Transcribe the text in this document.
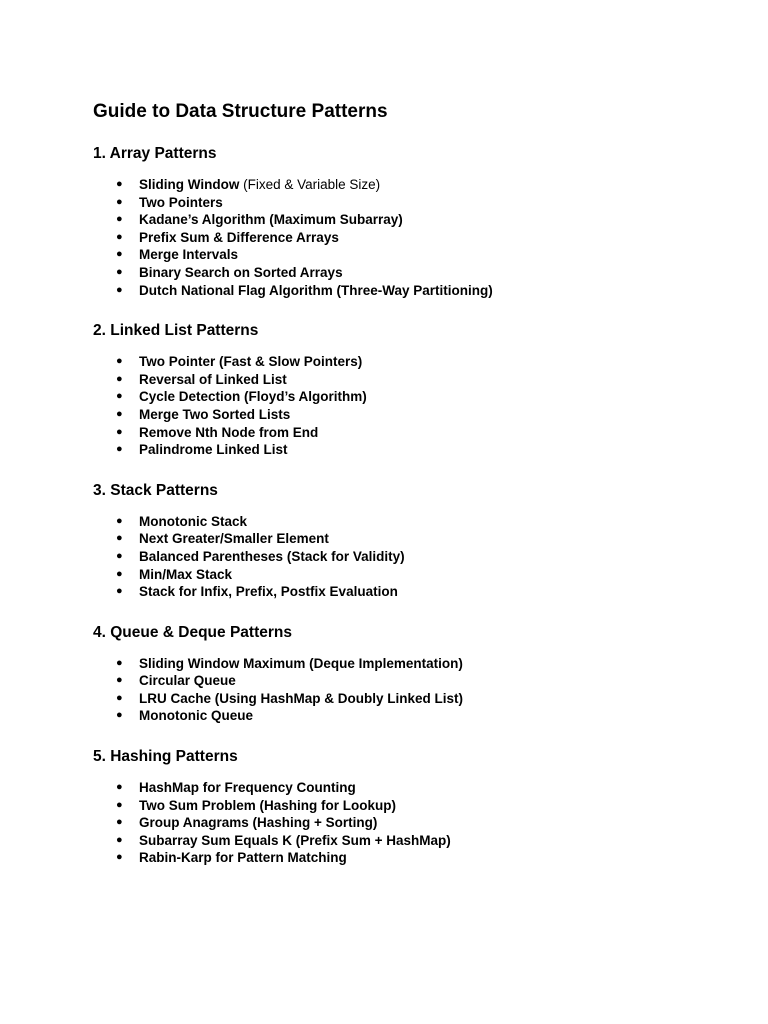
Guide to Data Structure Patterns
1. Array Patterns
● Sliding Window (Fixed & Variable Size)
● Two Pointers
● Kadane’s Algorithm (Maximum Subarray)
● Prefix Sum & Difference Arrays
● Merge Intervals
● Binary Search on Sorted Arrays
● Dutch National Flag Algorithm (Three-Way Partitioning)
2. Linked List Patterns
● Two Pointer (Fast & Slow Pointers)
● Reversal of Linked List
● Cycle Detection (Floyd’s Algorithm)
● Merge Two Sorted Lists
● Remove Nth Node from End
● Palindrome Linked List
3. Stack Patterns
● Monotonic Stack
● Next Greater/Smaller Element
● Balanced Parentheses (Stack for Validity)
● Min/Max Stack
● Stack for Infix, Prefix, Postfix Evaluation
4. Queue & Deque Patterns
● Sliding Window Maximum (Deque Implementation)
● Circular Queue
● LRU Cache (Using HashMap & Doubly Linked List)
● Monotonic Queue
5. Hashing Patterns
● HashMap for Frequency Counting
● Two Sum Problem (Hashing for Lookup)
● Group Anagrams (Hashing + Sorting)
● Subarray Sum Equals K (Prefix Sum + HashMap)
● Rabin-Karp for Pattern Matching
